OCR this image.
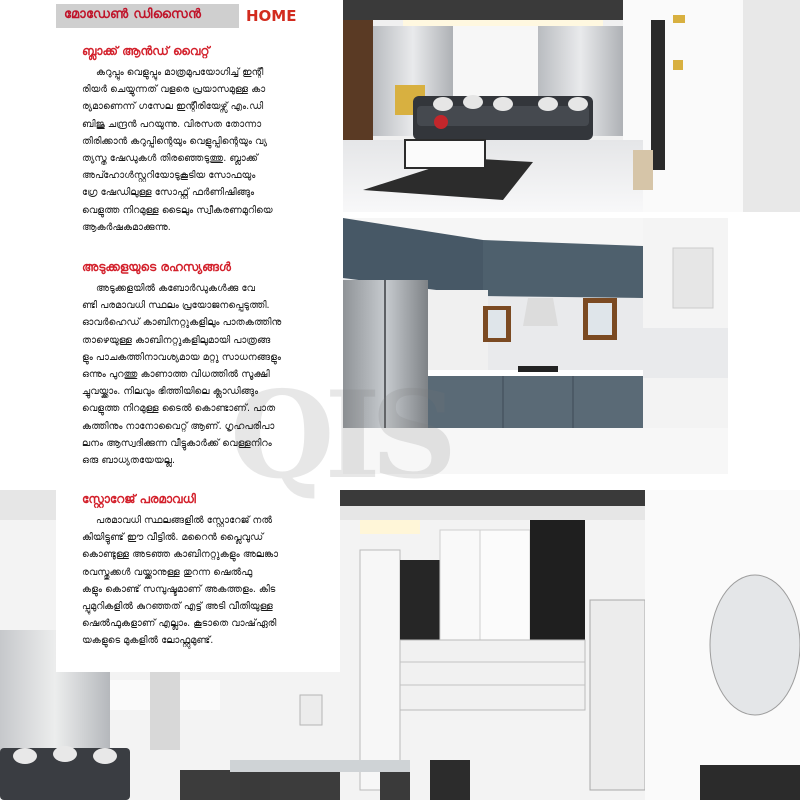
മോഡേൺ ഡിസൈൻ	HOME
QIS
ബ്ലാക്ക് ആൻഡ് വൈറ്റ്
കറുപ്പും വെളുപ്പും മാത്രമുപയോഗിച്ച് ഇന്റീ
രിയർ ചെയ്യുന്നത് വളരെ പ്രയാസമുള്ള കാ
ര്യമാണെന്ന് ഗസേല ഇന്റീരിയേഴ്സ് എം.ഡി
ബിജു ചന്ദ്രൻ പറയുന്നു. വിരസത തോന്നാ
തിരിക്കാൻ കറുപ്പിന്റെയും വെളുപ്പിന്റെയും വ്യ
ത്യസ്ത ഷേഡുകൾ തിരഞ്ഞെടുത്തു. ബ്ലാക്ക്
അപ്ഹോൾസ്റ്ററിയോടുകൂടിയ സോഫയും
ഗ്രേ ഷേഡിലുള്ള സോഫ്റ്റ് ഫർണിഷിങ്ങും
വെളുത്ത നിറമുള്ള ടൈലും സ്വീകരണമുറിയെ
ആകർഷകമാക്കുന്നു.
അടുക്കളയുടെ രഹസ്യങ്ങൾ
അടുക്കളയിൽ കബോർഡുകൾക്കു വേ
ണ്ടി പരമാവധി സ്ഥലം പ്രയോജനപ്പെടുത്തി.
ഓവർഹെഡ് കാബിനറ്റുകളിലും പാതകത്തിനു
താഴെയുള്ള കാബിനറ്റുകളിലുമായി പാത്രങ്ങ
ളും പാചകത്തിനാവശ്യമായ മറ്റു സാധനങ്ങളും
ഒന്നും പുറത്തു കാണാത്ത വിധത്തിൽ സൂക്ഷി
ച്ചുവയ്ക്കാം. നിലവും ഭിത്തിയിലെ ക്ലാഡിങ്ങും
വെളുത്ത നിറമുള്ള ടൈൽ കൊണ്ടാണ്. പാത
കത്തിനും നാനോവൈറ്റ് ആണ്. ഗൃഹപരിപാ
ലനം ആസ്വദിക്കുന്ന വീട്ടുകാർക്ക് വെള്ളനിറം
ഒരു ബാധ്യതയേയല്ല.
സ്റ്റോറേജ് പരമാവധി
പരമാവധി സ്ഥലങ്ങളിൽ സ്റ്റോറേജ് നൽ
കിയിട്ടുണ്ട് ഈ വീട്ടിൽ. മറൈൻ പ്ലൈവുഡ്
കൊണ്ടുള്ള അടഞ്ഞ കാബിനറ്റുകളും അലങ്കാ
രവസ്തുക്കൾ വയ്ക്കാനുള്ള തുറന്ന ഷെൽഫു
കളും കൊണ്ട് സമ്പുഷ്ടമാണ് അകത്തളം. കിട
പ്പുമുറികളിൽ കുറഞ്ഞത് എട്ട് അടി വീതിയുള്ള
ഷെൽഫുകളാണ് എല്ലാം. കൂടാതെ വാഷ്ഏരി
യകളുടെ മുകളിൽ ലോഫ്റ്റുമുണ്ട്.
